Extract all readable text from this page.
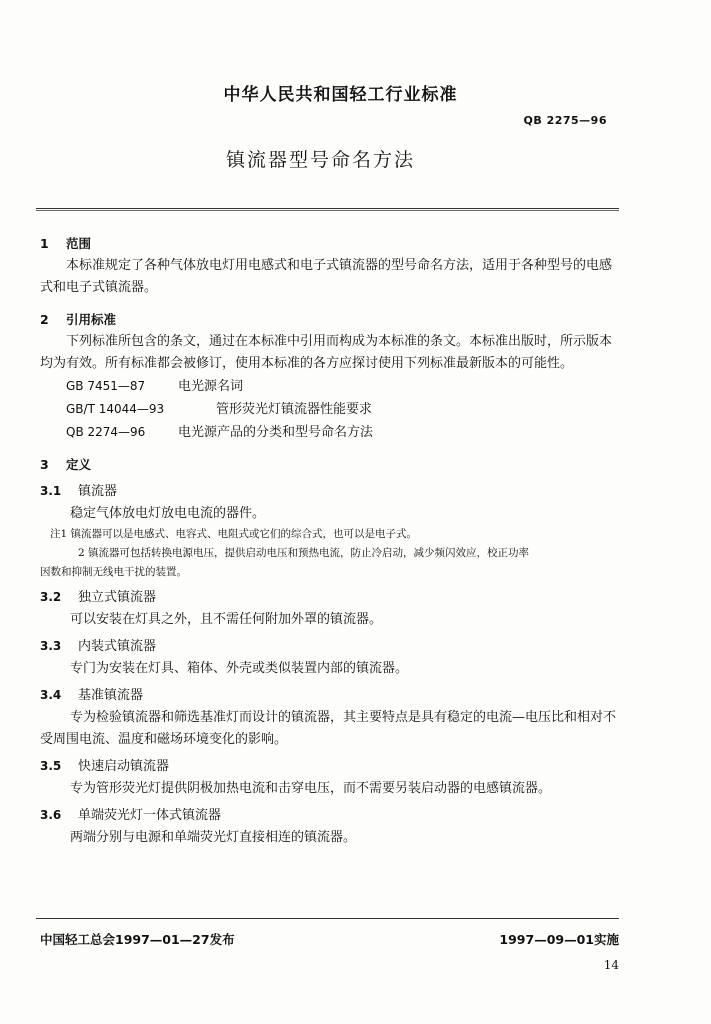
中华人民共和国轻工行业标准
QB 2275—96
镇流器型号命名方法
1 范围

本标准规定了各种气体放电灯用电感式和电子式镇流器的型号命名方法，适用于各种型号的电感式和电子式镇流器。

2 引用标准

下列标准所包含的条文，通过在本标准中引用而构成为本标准的条文。本标准出版时，所示版本均为有效。所有标准都会被修订，使用本标准的各方应探讨使用下列标准最新版本的可能性。

GB 7451—87	电光源名词
GB/T 14044—93	管形荧光灯镇流器性能要求
QB 2274—96	电光源产品的分类和型号命名方法
3 定义
3.1 镇流器
稳定气体放电灯放电电流的器件。
注1 镇流器可以是电感式、电容式、电阻式或它们的综合式，也可以是电子式。
2 镇流器可包括转换电源电压，提供启动电压和预热电流，防止冷启动，减少频闪效应，校正功率
因数和抑制无线电干扰的装置。
3.2 独立式镇流器
可以安装在灯具之外，且不需任何附加外罩的镇流器。
3.3 内装式镇流器
专门为安装在灯具、箱体、外壳或类似装置内部的镇流器。
3.4 基准镇流器

专为检验镇流器和筛选基准灯而设计的镇流器，其主要特点是具有稳定的电流—电压比和相对不受周围电流、温度和磁场环境变化的影响。

3.5 快速启动镇流器
专为管形荧光灯提供阴极加热电流和击穿电压，而不需要另装启动器的电感镇流器。
3.6 单端荧光灯一体式镇流器
两端分别与电源和单端荧光灯直接相连的镇流器。
中国轻工总会1997—01—27发布	1997—09—01实施
14
